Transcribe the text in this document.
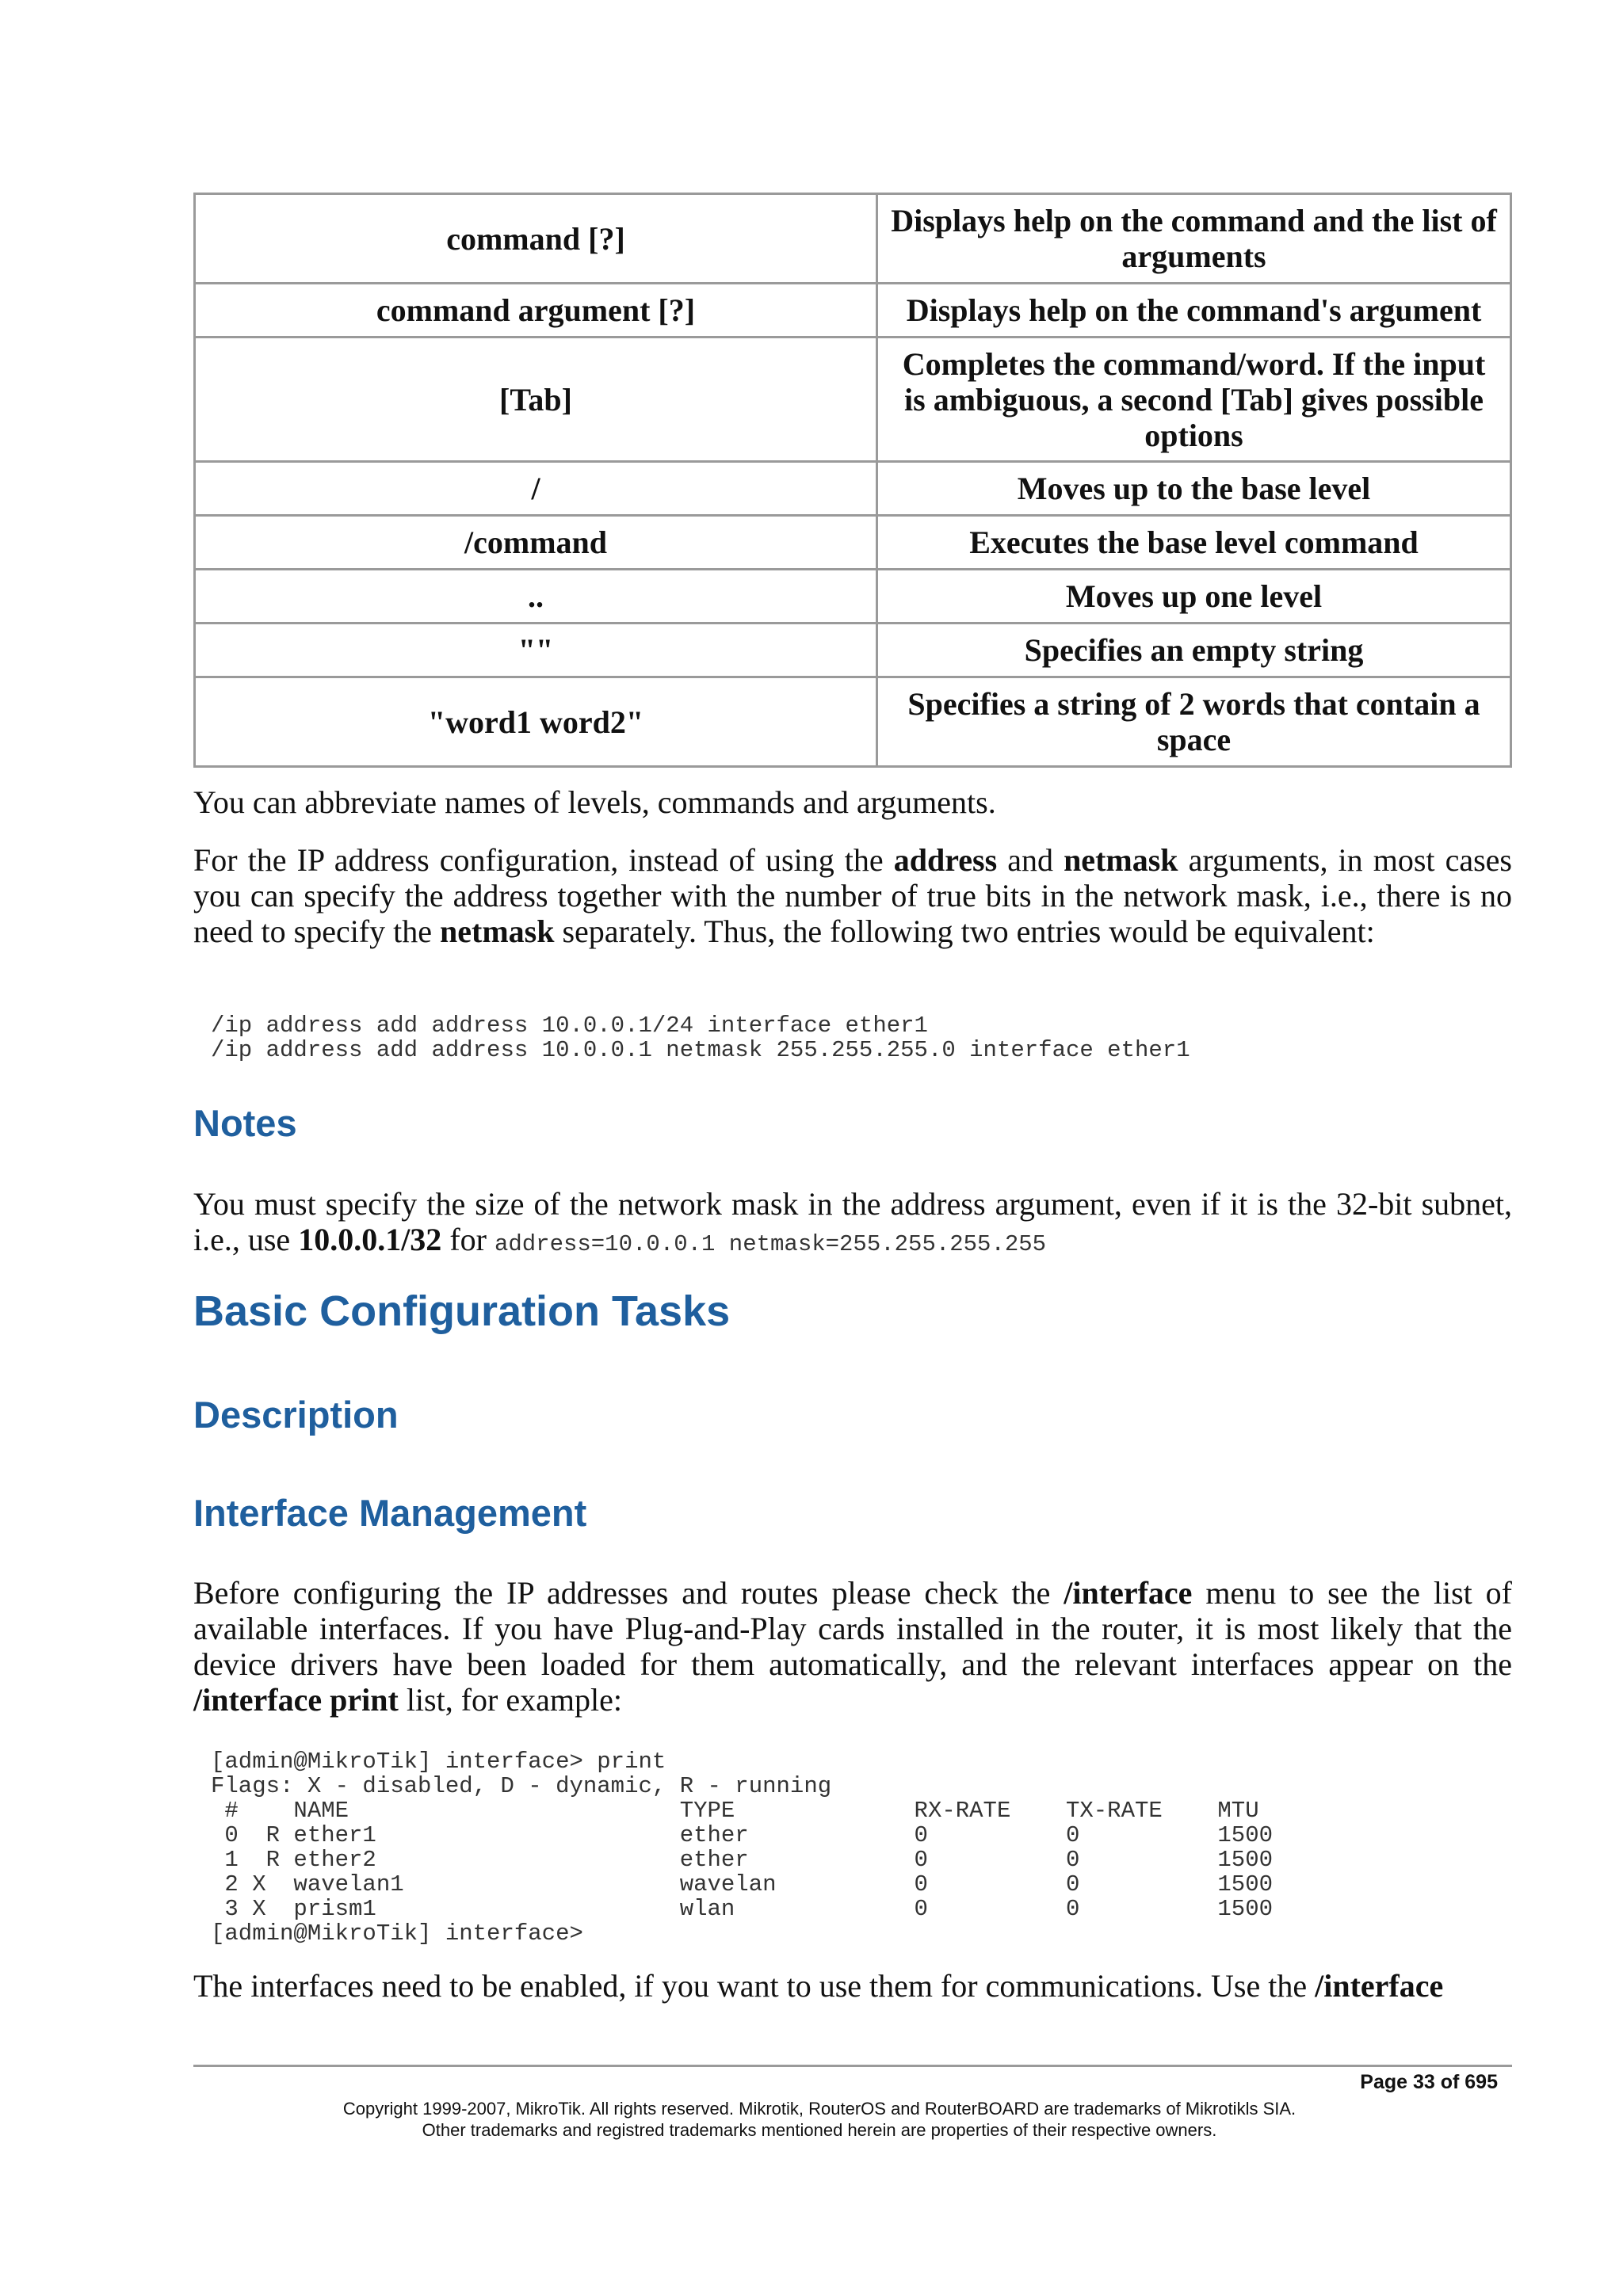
command [?]	Displays help on the command and the list of arguments
command argument [?]	Displays help on the command's argument
[Tab]	Completes the command/word. If the input is ambiguous, a second [Tab] gives possible options
/	Moves up to the base level
/command	Executes the base level command
..	Moves up one level
""	Specifies an empty string
"word1 word2"	Specifies a string of 2 words that contain a space

You can abbreviate names of levels, commands and arguments.

For the IP address configuration, instead of using the address and netmask arguments, in most cases you can specify the address together with the number of true bits in the network mask, i.e., there is no need to specify the netmask separately. Thus, the following two entries would be equivalent:

/ip address add address 10.0.0.1/24 interface ether1
/ip address add address 10.0.0.1 netmask 255.255.255.0 interface ether1
Notes

You must specify the size of the network mask in the address argument, even if it is the 32-bit subnet, i.e., use 10.0.0.1/32 for address=10.0.0.1 netmask=255.255.255.255

Basic Configuration Tasks
Description
Interface Management

Before configuring the IP addresses and routes please check the /interface menu to see the list of available interfaces. If you have Plug-and-Play cards installed in the router, it is most likely that the device drivers have been loaded for them automatically, and the relevant interfaces appear on the /interface print list, for example:

[admin@MikroTik] interface> print
Flags: X - disabled, D - dynamic, R - running
#    NAME                        TYPE             RX-RATE    TX-RATE    MTU
0  R ether1                      ether            0          0          1500
1  R ether2                      ether            0          0          1500
2 X  wavelan1                    wavelan          0          0          1500
3 X  prism1                      wlan             0          0          1500
[admin@MikroTik] interface>

The interfaces need to be enabled, if you want to use them for communications. Use the /interface

Page 33 of 695
Copyright 1999-2007, MikroTik. All rights reserved. Mikrotik, RouterOS and RouterBOARD are trademarks of Mikrotikls SIA.
Other trademarks and registred trademarks mentioned herein are properties of their respective owners.
